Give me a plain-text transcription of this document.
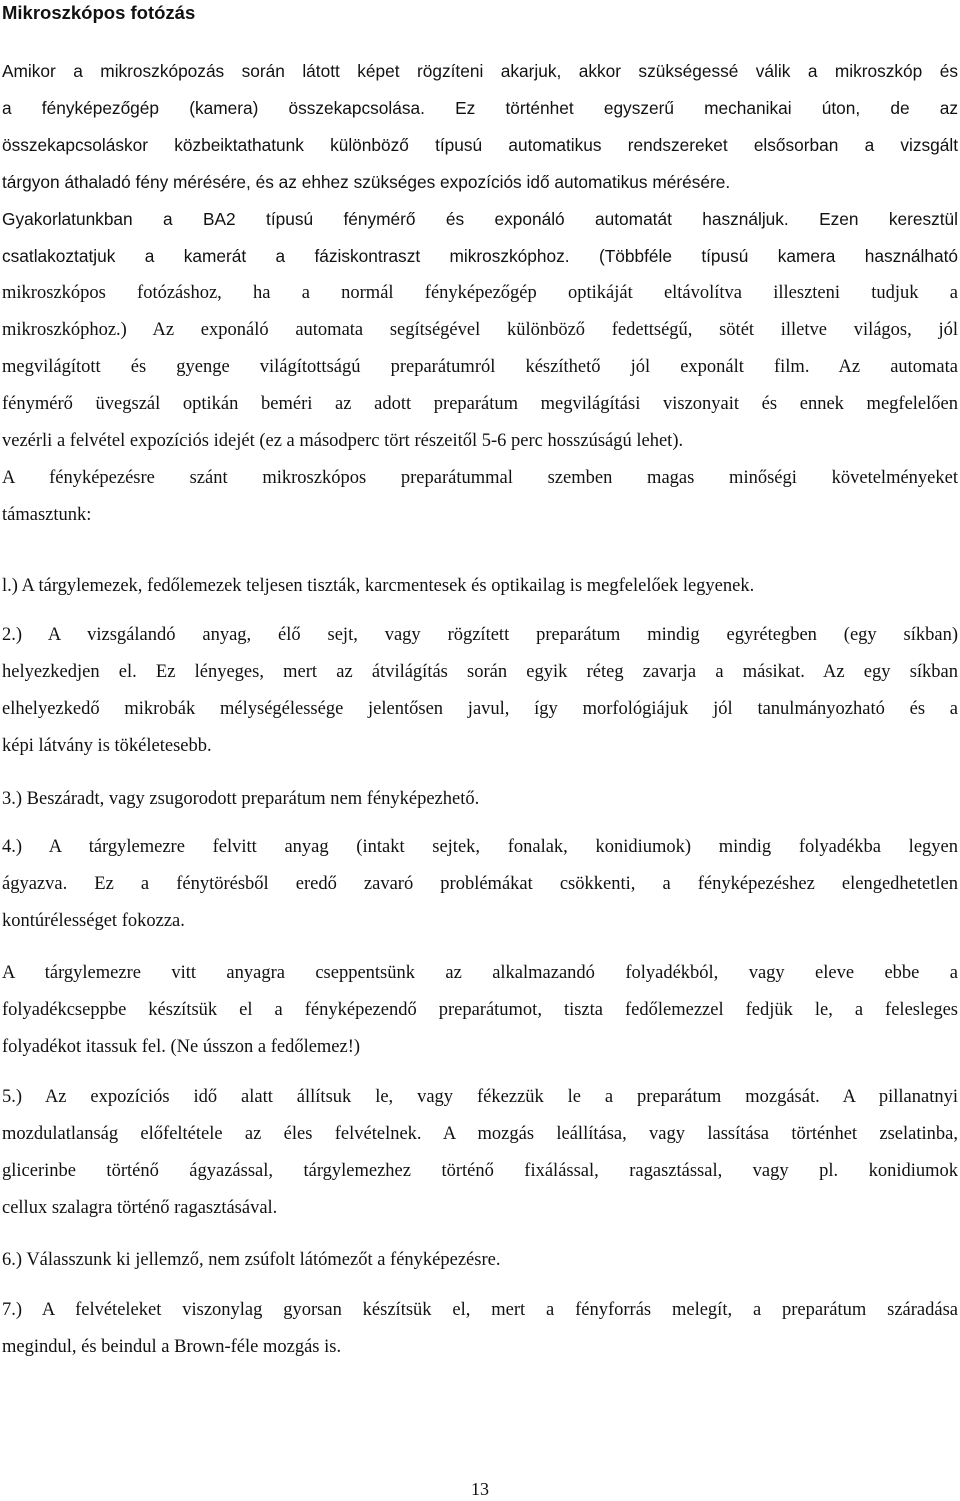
Mikroszkópos fotózás
Amikor a mikroszkópozás során látott képet rögzíteni akarjuk, akkor szükségessé válik a mikroszkóp és
a fényképezőgép (kamera) összekapcsolása. Ez történhet egyszerű mechanikai úton, de az
összekapcsoláskor közbeiktathatunk különböző típusú automatikus rendszereket elsősorban a vizsgált
tárgyon áthaladó fény mérésére, és az ehhez szükséges expozíciós idő automatikus mérésére.
Gyakorlatunkban a BA2 típusú fénymérő és exponáló automatát használjuk. Ezen keresztül
csatlakoztatjuk a kamerát a fáziskontraszt mikroszkóphoz. (Többféle típusú kamera használható
mikroszkópos fotózáshoz, ha a normál fényképezőgép optikáját eltávolítva illeszteni tudjuk a
mikroszkóphoz.) Az exponáló automata segítségével különböző fedettségű, sötét illetve világos, jól
megvilágított és gyenge világítottságú preparátumról készíthető jól exponált film. Az automata
fénymérő üvegszál optikán beméri az adott preparátum megvilágítási viszonyait és ennek megfelelően
vezérli a felvétel expozíciós idejét (ez a másodperc tört részeitől 5-6 perc hosszúságú lehet).
A fényképezésre szánt mikroszkópos preparátummal szemben magas minőségi követelményeket
támasztunk:
l.) A tárgylemezek, fedőlemezek teljesen tiszták, karcmentesek és optikailag is megfelelőek legyenek.
2.) A vizsgálandó anyag, élő sejt, vagy rögzített preparátum mindig egyrétegben (egy síkban)
helyezkedjen el. Ez lényeges, mert az átvilágítás során egyik réteg zavarja a másikat. Az egy síkban
elhelyezkedő mikrobák mélységélessége jelentősen javul, így morfológiájuk jól tanulmányozható és a
képi látvány is tökéletesebb.
3.) Beszáradt, vagy zsugorodott preparátum nem fényképezhető.
4.) A tárgylemezre felvitt anyag (intakt sejtek, fonalak, konidiumok) mindig folyadékba legyen
ágyazva. Ez a fénytörésből eredő zavaró problémákat csökkenti, a fényképezéshez elengedhetetlen
kontúrélességet fokozza.
A tárgylemezre vitt anyagra cseppentsünk az alkalmazandó folyadékból, vagy eleve ebbe a
folyadékcseppbe készítsük el a fényképezendő preparátumot, tiszta fedőlemezzel fedjük le, a felesleges
folyadékot itassuk fel. (Ne ússzon a fedőlemez!)
5.) Az expozíciós idő alatt állítsuk le, vagy fékezzük le a preparátum mozgását. A pillanatnyi
mozdulatlanság előfeltétele az éles felvételnek. A mozgás leállítása, vagy lassítása történhet zselatinba,
glicerinbe történő ágyazással, tárgylemezhez történő fixálással, ragasztással, vagy pl. konidiumok
cellux szalagra történő ragasztásával.
6.) Válasszunk ki jellemző, nem zsúfolt látómezőt a fényképezésre.
7.) A felvételeket viszonylag gyorsan készítsük el, mert a fényforrás melegít, a preparátum száradása
megindul, és beindul a Brown-féle mozgás is.
13
